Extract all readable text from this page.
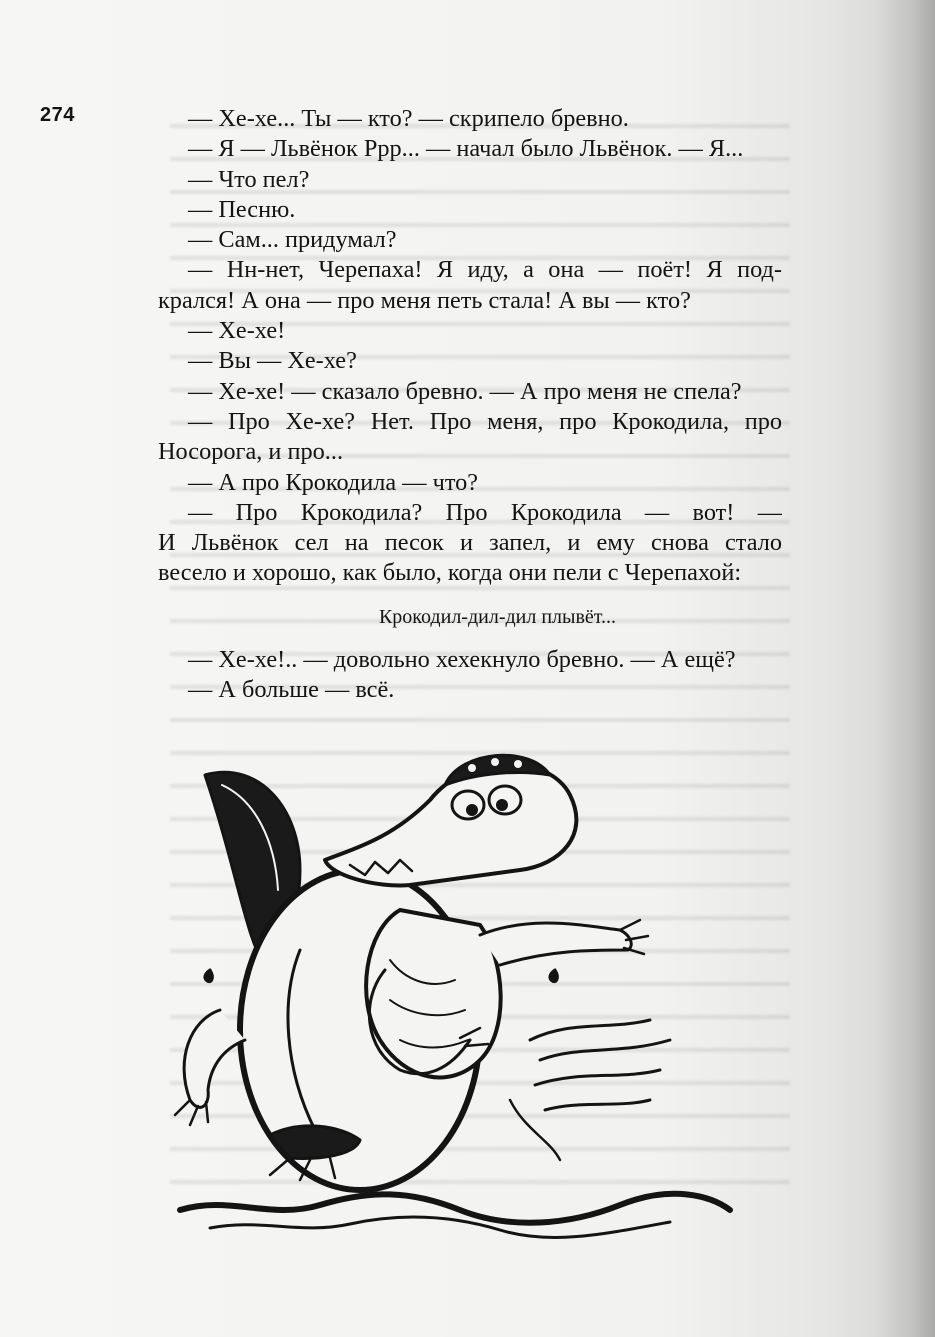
274	— Хе-хе... Ты — кто? — скрипело бревно.
— Я — Львёнок Ррр... — начал было Львёнок. — Я...
— Что пел?
— Песню.
— Сам... придумал?
— Нн-нет, Черепаха! Я иду, а она — поёт! Я под-
крался! А она — про меня петь стала! А вы — кто?
— Хе-хе!
— Вы — Хе-хе?
— Хе-хе! — сказало бревно. — А про меня не спела?
— Про Хе-хе? Нет. Про меня, про Крокодила, про
Носорога, и про...
— А про Крокодила — что?
— Про Крокодила? Про Крокодила — вот! —
И Львёнок сел на песок и запел, и ему снова стало
весело и хорошо, как было, когда они пели с Черепахой:
Крокодил-дил-дил плывёт...
— Хе-хе!.. — довольно хехекнуло бревно. — А ещё?
— А больше — всё.
